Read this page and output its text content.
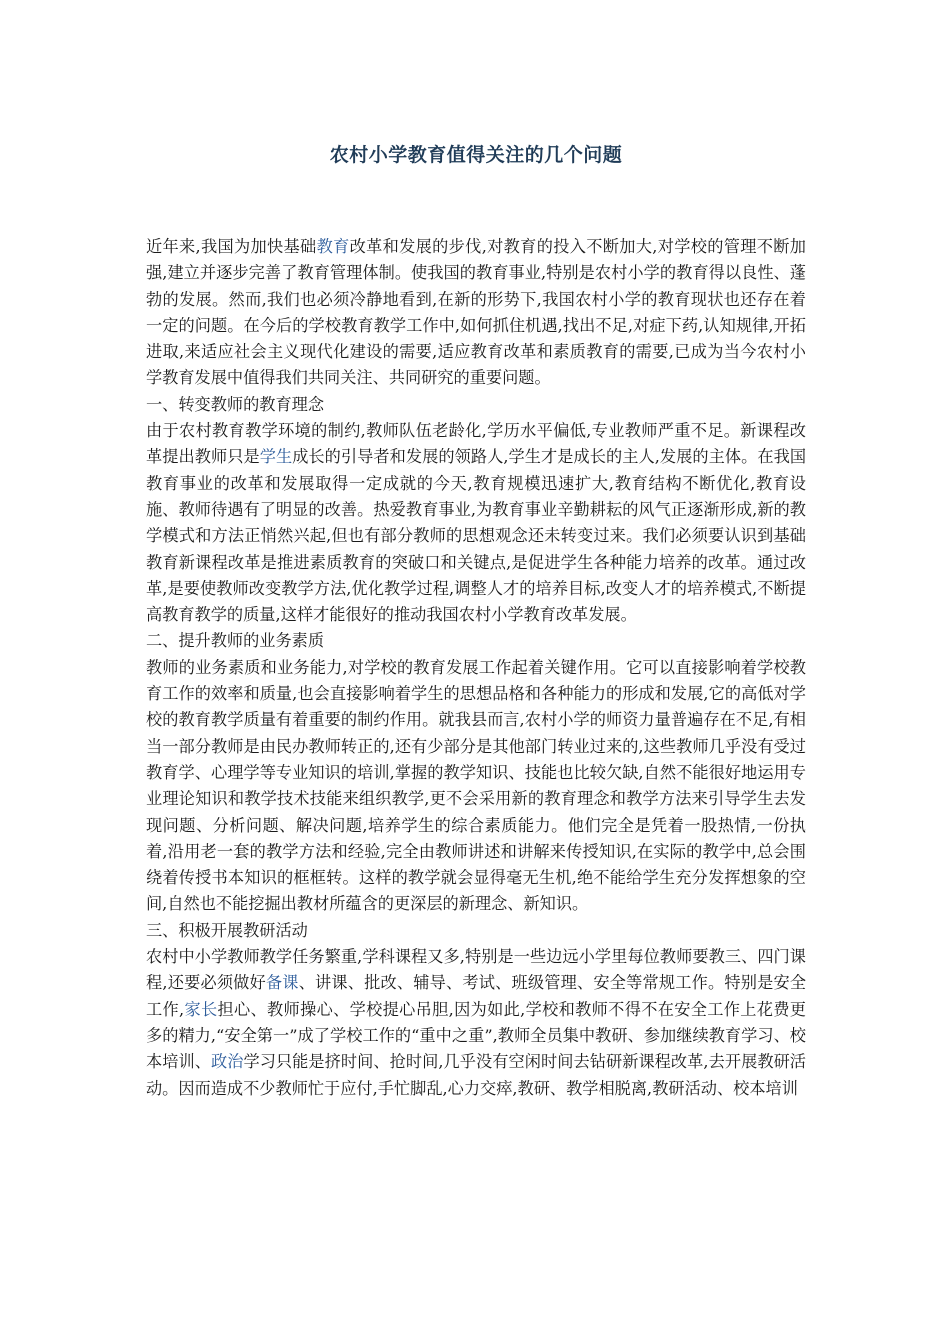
农村小学教育值得关注的几个问题

近年来,我国为加快基础教育改革和发展的步伐,对教育的投入不断加大,对学校的管理不断加强,建立并逐步完善了教育管理体制。使我国的教育事业,特别是农村小学的教育得以良性、蓬勃的发展。然而,我们也必须冷静地看到,在新的形势下,我国农村小学的教育现状也还存在着一定的问题。在今后的学校教育教学工作中,如何抓住机遇,找出不足,对症下药,认知规律,开拓进取,来适应社会主义现代化建设的需要,适应教育改革和素质教育的需要,已成为当今农村小学教育发展中值得我们共同关注、共同研究的重要问题。

一、转变教师的教育理念

由于农村教育教学环境的制约,教师队伍老龄化,学历水平偏低,专业教师严重不足。新课程改革提出教师只是学生成长的引导者和发展的领路人,学生才是成长的主人,发展的主体。在我国教育事业的改革和发展取得一定成就的今天,教育规模迅速扩大,教育结构不断优化,教育设施、教师待遇有了明显的改善。热爱教育事业,为教育事业辛勤耕耘的风气正逐渐形成,新的教学模式和方法正悄然兴起,但也有部分教师的思想观念还未转变过来。我们必须要认识到基础教育新课程改革是推进素质教育的突破口和关键点,是促进学生各种能力培养的改革。通过改革,是要使教师改变教学方法,优化教学过程,调整人才的培养目标,改变人才的培养模式,不断提高教育教学的质量,这样才能很好的推动我国农村小学教育改革发展。

二、提升教师的业务素质

教师的业务素质和业务能力,对学校的教育发展工作起着关键作用。它可以直接影响着学校教育工作的效率和质量,也会直接影响着学生的思想品格和各种能力的形成和发展,它的高低对学校的教育教学质量有着重要的制约作用。就我县而言,农村小学的师资力量普遍存在不足,有相当一部分教师是由民办教师转正的,还有少部分是其他部门转业过来的,这些教师几乎没有受过教育学、心理学等专业知识的培训,掌握的教学知识、技能也比较欠缺,自然不能很好地运用专业理论知识和教学技术技能来组织教学,更不会采用新的教育理念和教学方法来引导学生去发现问题、分析问题、解决问题,培养学生的综合素质能力。他们完全是凭着一股热情,一份执着,沿用老一套的教学方法和经验,完全由教师讲述和讲解来传授知识,在实际的教学中,总会围绕着传授书本知识的框框转。这样的教学就会显得毫无生机,绝不能给学生充分发挥想象的空间,自然也不能挖掘出教材所蕴含的更深层的新理念、新知识。

三、积极开展教研活动

农村中小学教师教学任务繁重,学科课程又多,特别是一些边远小学里每位教师要教三、四门课程,还要必须做好备课、讲课、批改、辅导、考试、班级管理、安全等常规工作。特别是安全工作,家长担心、教师操心、学校提心吊胆,因为如此,学校和教师不得不在安全工作上花费更多的精力,“安全第一”成了学校工作的“重中之重”,教师全员集中教研、参加继续教育学习、校本培训、政治学习只能是挤时间、抢时间,几乎没有空闲时间去钻研新课程改革,去开展教研活动。因而造成不少教师忙于应付,手忙脚乱,心力交瘁,教研、教学相脱离,教研活动、校本培训
